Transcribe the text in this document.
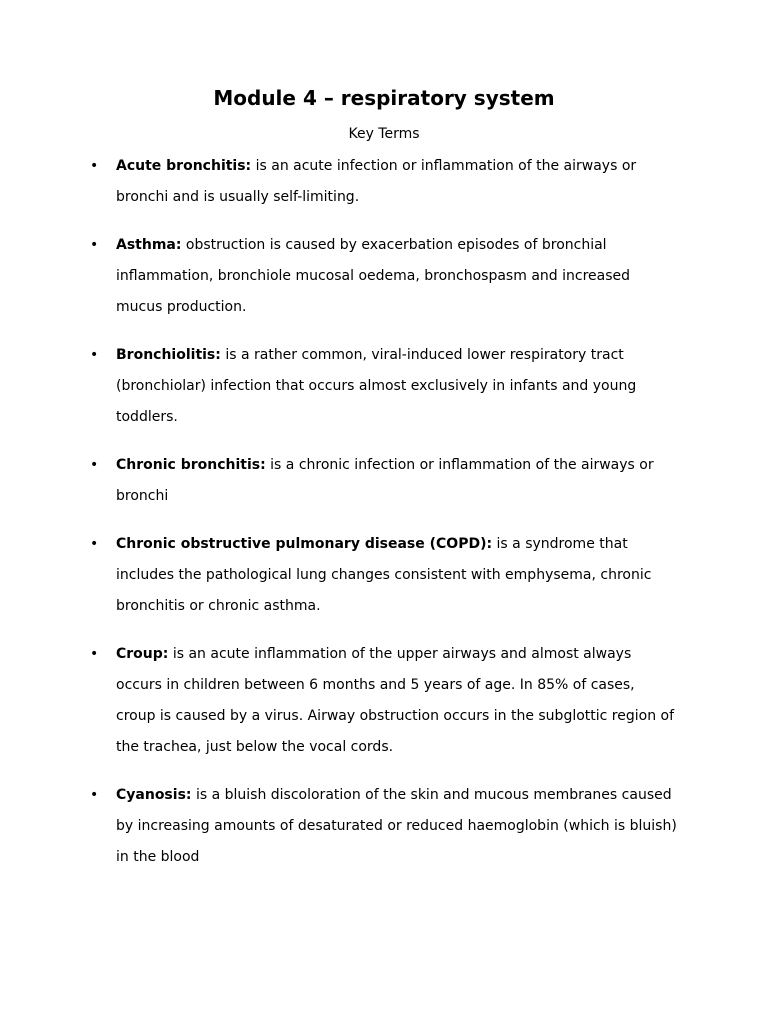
Module 4 – respiratory system

Key Terms

• Acute bronchitis: is an acute infection or inflammation of the airways or bronchi and is usually self-limiting.
• Asthma: obstruction is caused by exacerbation episodes of bronchial inflammation, bronchiole mucosal oedema, bronchospasm and increased mucus production.
• Bronchiolitis: is a rather common, viral-induced lower respiratory tract (bronchiolar) infection that occurs almost exclusively in infants and young toddlers.
• Chronic bronchitis: is a chronic infection or inflammation of the airways or bronchi
• Chronic obstructive pulmonary disease (COPD): is a syndrome that includes the pathological lung changes consistent with emphysema, chronic bronchitis or chronic asthma.
• Croup: is an acute inflammation of the upper airways and almost always occurs in children between 6 months and 5 years of age. In 85% of cases, croup is caused by a virus. Airway obstruction occurs in the subglottic region of the trachea, just below the vocal cords.
• Cyanosis: is a bluish discoloration of the skin and mucous membranes caused by increasing amounts of desaturated or reduced haemoglobin (which is bluish) in the blood
